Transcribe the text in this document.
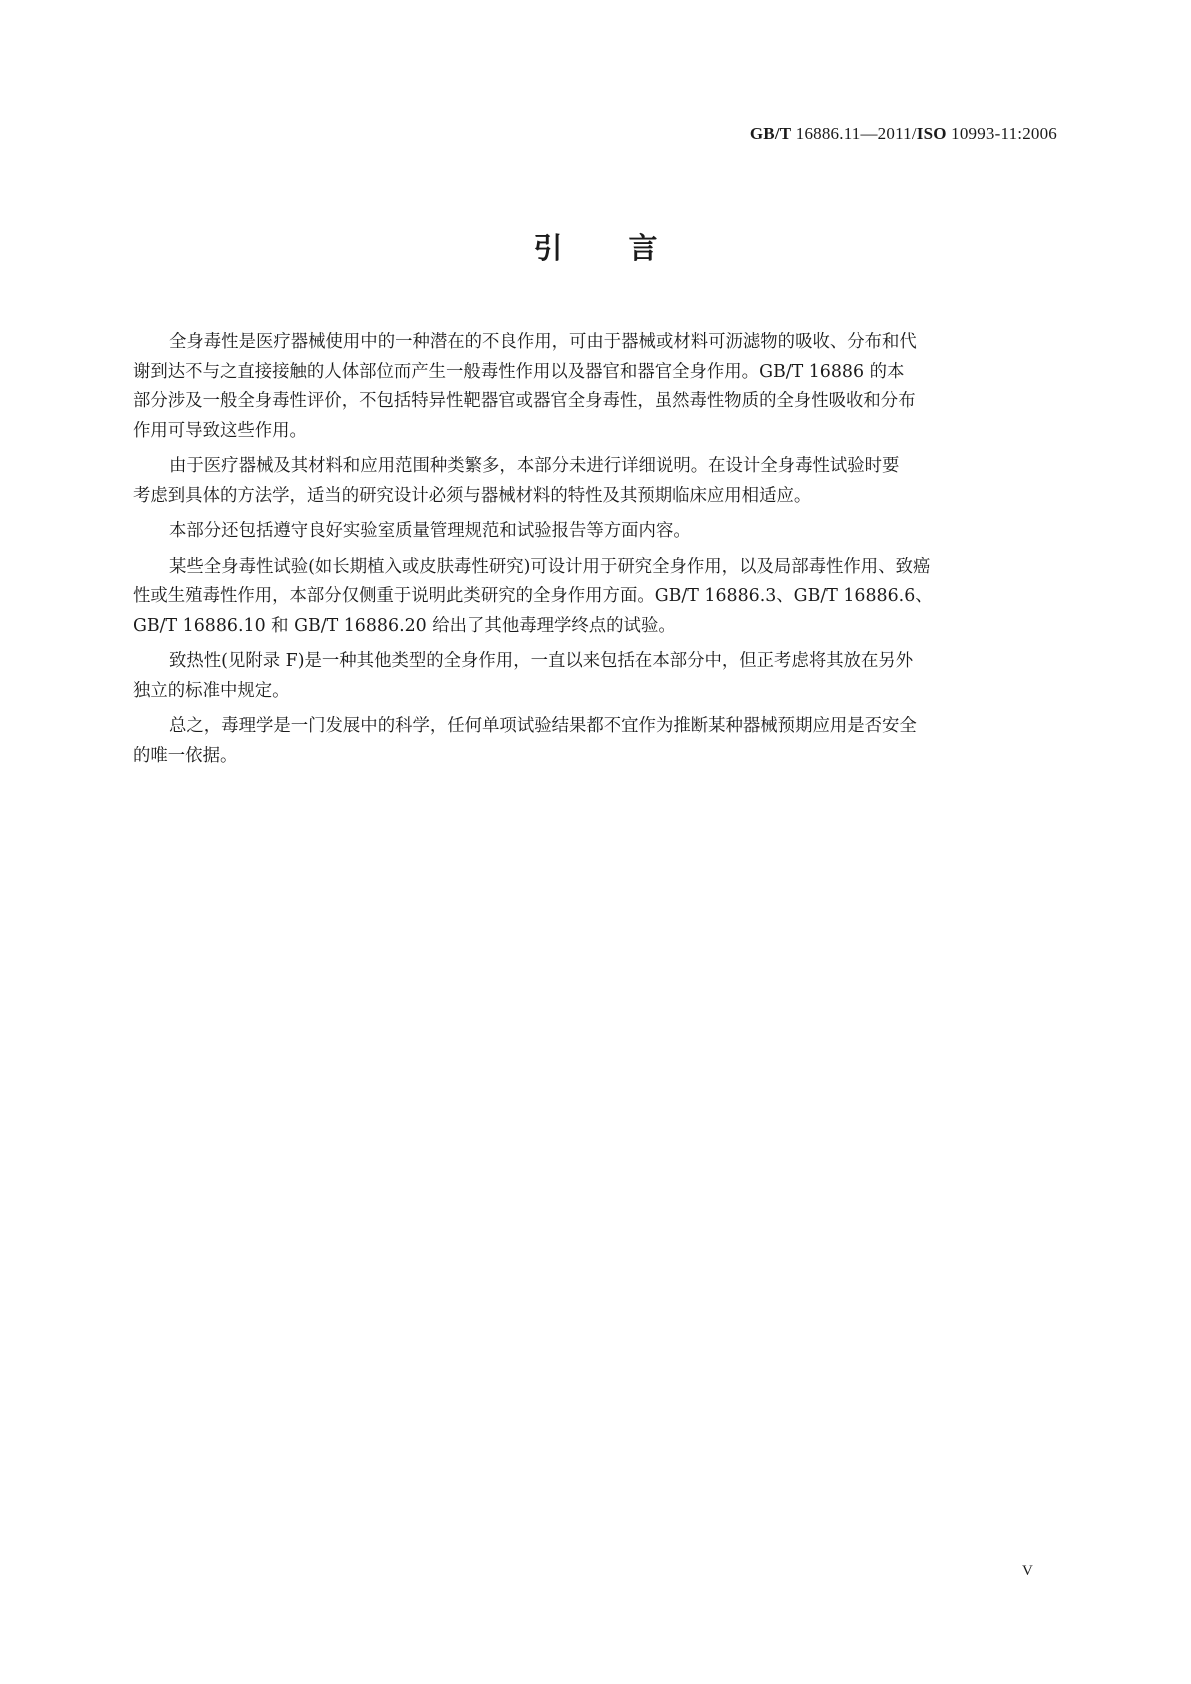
GB/T 16886.11—2011/ISO 10993-11:2006
引言

全身毒性是医疗器械使用中的一种潜在的不良作用，可由于器械或材料可沥滤物的吸收、分布和代
谢到达不与之直接接触的人体部位而产生一般毒性作用以及器官和器官全身作用。GB/T 16886 的本
部分涉及一般全身毒性评价，不包括特异性靶器官或器官全身毒性，虽然毒性物质的全身性吸收和分布
作用可导致这些作用。

由于医疗器械及其材料和应用范围种类繁多，本部分未进行详细说明。在设计全身毒性试验时要
考虑到具体的方法学，适当的研究设计必须与器械材料的特性及其预期临床应用相适应。

本部分还包括遵守良好实验室质量管理规范和试验报告等方面内容。

某些全身毒性试验(如长期植入或皮肤毒性研究)可设计用于研究全身作用，以及局部毒性作用、致癌
性或生殖毒性作用，本部分仅侧重于说明此类研究的全身作用方面。GB/T 16886.3、GB/T 16886.6、
GB/T 16886.10 和 GB/T 16886.20 给出了其他毒理学终点的试验。

致热性(见附录 F)是一种其他类型的全身作用，一直以来包括在本部分中，但正考虑将其放在另外
独立的标准中规定。

总之，毒理学是一门发展中的科学，任何单项试验结果都不宜作为推断某种器械预期应用是否安全
的唯一依据。

V
